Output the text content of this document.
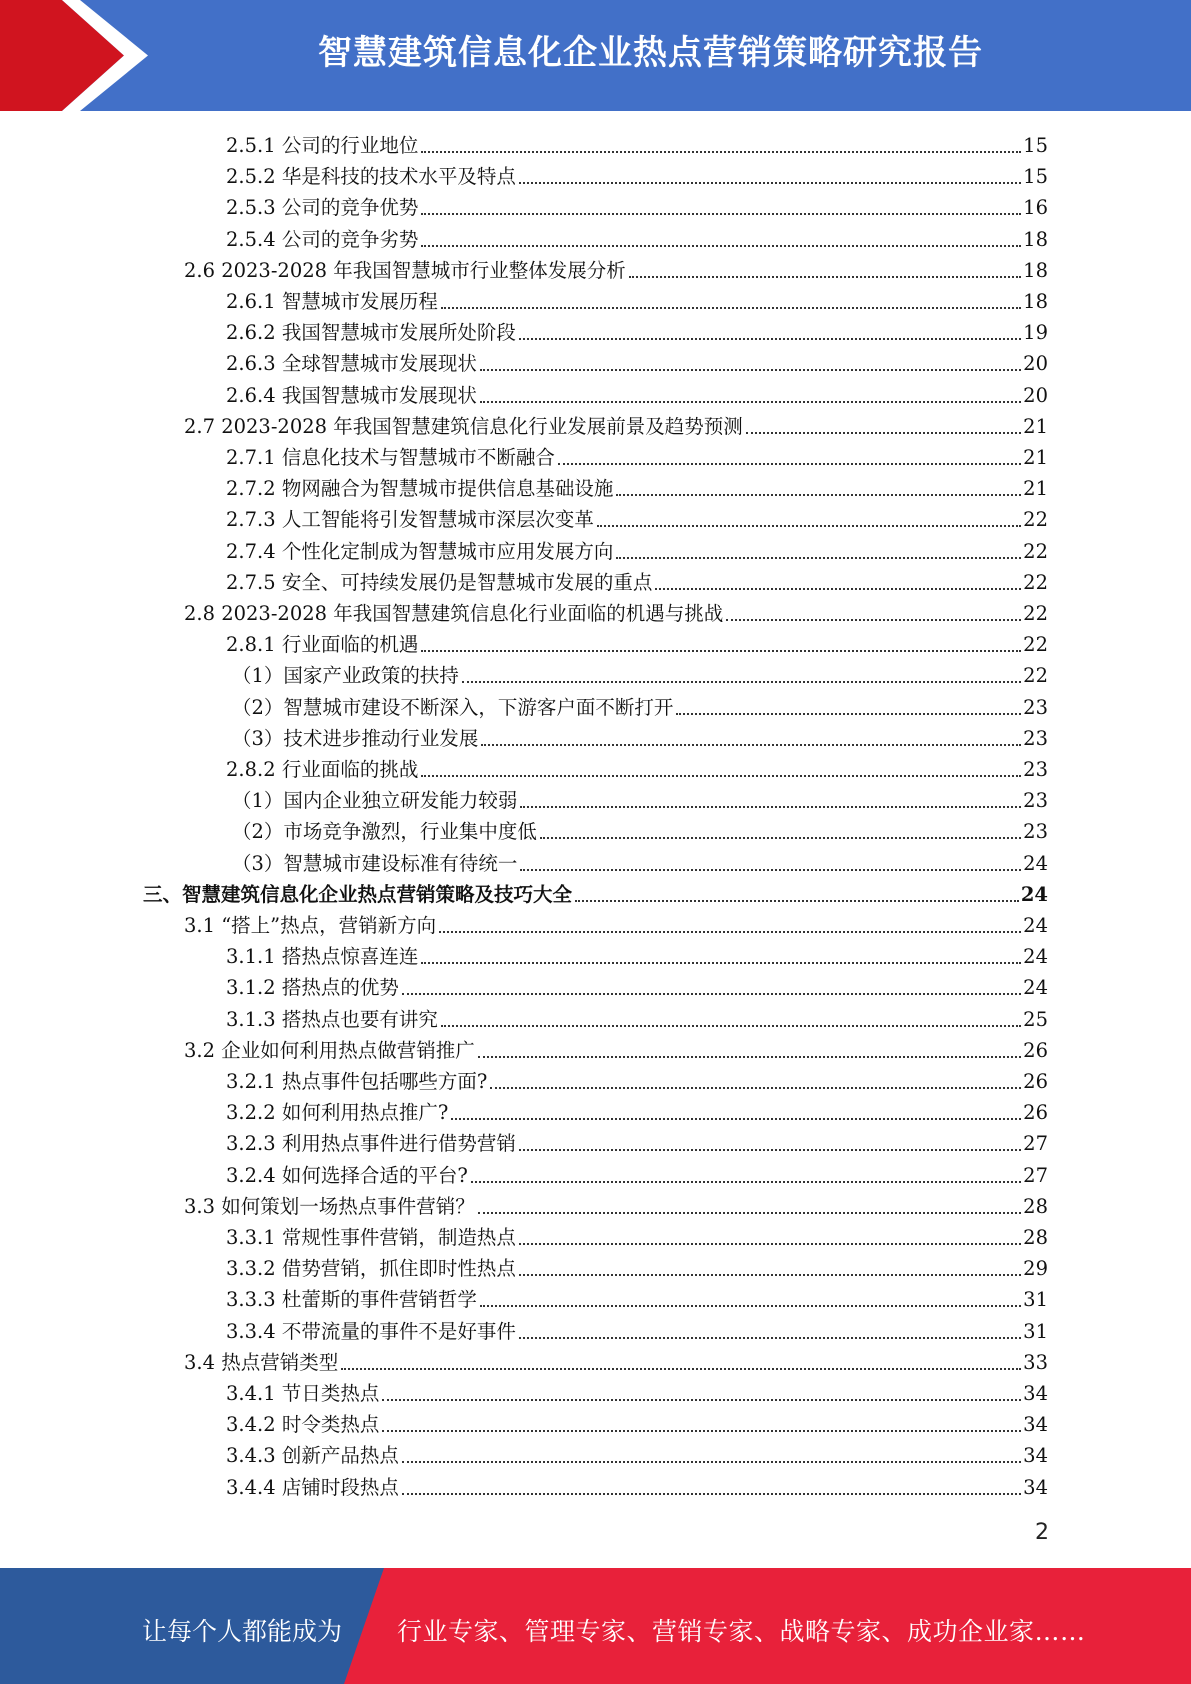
智慧建筑信息化企业热点营销策略研究报告
2.5.1 公司的行业地位	15
2.5.2 华是科技的技术水平及特点	15
2.5.3 公司的竞争优势	16
2.5.4 公司的竞争劣势	18
2.6 2023-2028 年我国智慧城市行业整体发展分析	18
2.6.1 智慧城市发展历程	18
2.6.2 我国智慧城市发展所处阶段	19
2.6.3 全球智慧城市发展现状	20
2.6.4 我国智慧城市发展现状	20
2.7 2023-2028 年我国智慧建筑信息化行业发展前景及趋势预测	21
2.7.1 信息化技术与智慧城市不断融合	21
2.7.2 物网融合为智慧城市提供信息基础设施	21
2.7.3 人工智能将引发智慧城市深层次变革	22
2.7.4 个性化定制成为智慧城市应用发展方向	22
2.7.5 安全、可持续发展仍是智慧城市发展的重点	22
2.8 2023-2028 年我国智慧建筑信息化行业面临的机遇与挑战	22
2.8.1 行业面临的机遇	22
（1）国家产业政策的扶持	22
（2）智慧城市建设不断深入，下游客户面不断打开	23
（3）技术进步推动行业发展	23
2.8.2 行业面临的挑战	23
（1）国内企业独立研发能力较弱	23
（2）市场竞争激烈，行业集中度低	23
（3）智慧城市建设标准有待统一	24
三、智慧建筑信息化企业热点营销策略及技巧大全	24
3.1 “搭上”热点，营销新方向	24
3.1.1 搭热点惊喜连连	24
3.1.2 搭热点的优势	24
3.1.3 搭热点也要有讲究	25
3.2 企业如何利用热点做营销推广	26
3.2.1 热点事件包括哪些方面?	26
3.2.2 如何利用热点推广?	26
3.2.3 利用热点事件进行借势营销	27
3.2.4 如何选择合适的平台?	27
3.3 如何策划一场热点事件营销？	28
3.3.1 常规性事件营销，制造热点	28
3.3.2 借势营销，抓住即时性热点	29
3.3.3 杜蕾斯的事件营销哲学	31
3.3.4 不带流量的事件不是好事件	31
3.4 热点营销类型	33
3.4.1 节日类热点	34
3.4.2 时令类热点	34
3.4.3 创新产品热点	34
3.4.4 店铺时段热点	34
2
让每个人都能成为 行业专家、管理专家、营销专家、战略专家、成功企业家……
